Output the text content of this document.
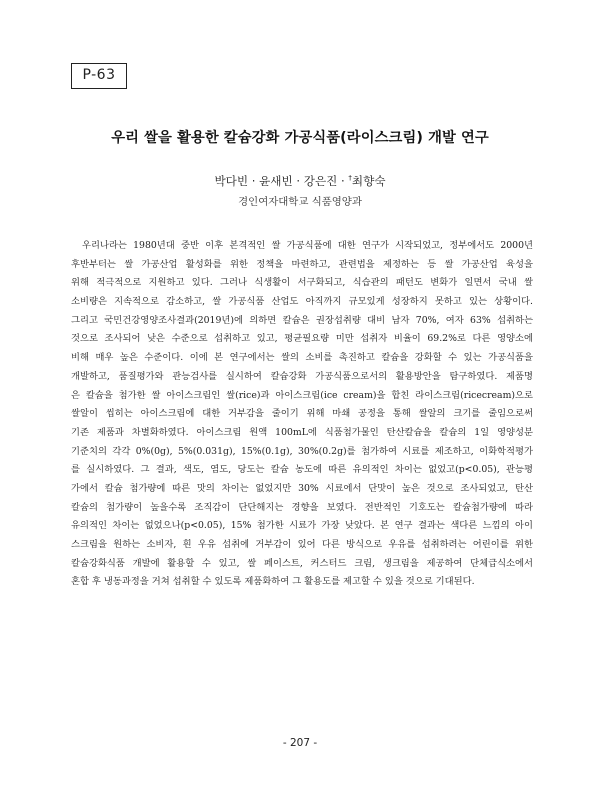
P-63
우리 쌀을 활용한 칼슘강화 가공식품(라이스크림) 개발 연구
박다빈 · 윤새빈 · 강은진 · †최향숙
경인여자대학교 식품영양과
우리나라는 1980년대 중반 이후 본격적인 쌀 가공식품에 대한 연구가 시작되었고, 정부에서도 2000년
후반부터는 쌀 가공산업 활성화를 위한 정책을 마련하고, 관련법을 제정하는 등 쌀 가공산업 육성을
위해 적극적으로 지원하고 있다. 그러나 식생활이 서구화되고, 식습관의 패턴도 변화가 일면서 국내 쌀
소비량은 지속적으로 감소하고, 쌀 가공식품 산업도 아직까지 규모있게 성장하지 못하고 있는 상황이다.
그리고 국민건강영양조사결과(2019년)에 의하면 칼슘은 권장섭취량 대비 남자 70%, 여자 63% 섭취하는
것으로 조사되어 낮은 수준으로 섭취하고 있고, 평균필요량 미만 섭취자 비율이 69.2%로 다른 영양소에
비해 매우 높은 수준이다. 이에 본 연구에서는 쌀의 소비를 촉진하고 칼슘을 강화할 수 있는 가공식품을
개발하고, 품질평가와 관능검사를 실시하여 칼슘강화 가공식품으로서의 활용방안을 탐구하였다. 제품명
은 칼슘을 첨가한 쌀 아이스크림인 쌀(rice)과 아이스크림(ice cream)을 합친 라이스크림(ricecream)으로
쌀알이 씹히는 아이스크림에 대한 거부감을 줄이기 위해 마쇄 공정을 통해 쌀알의 크기를 줄임으로써
기존 제품과 차별화하였다. 아이스크림 원액 100mL에 식품첨가물인 탄산칼슘을 칼슘의 1일 영양성분
기준치의 각각 0%(0g), 5%(0.031g), 15%(0.1g), 30%(0.2g)를 첨가하여 시료를 제조하고, 이화학적평가
를 실시하였다. 그 결과, 색도, 염도, 당도는 칼슘 농도에 따른 유의적인 차이는 없었고(p<0.05), 관능평
가에서 칼슘 첨가량에 따른 맛의 차이는 없었지만 30% 시료에서 단맛이 높은 것으로 조사되었고, 탄산
칼슘의 첨가량이 높을수록 조직감이 단단해지는 경향을 보였다. 전반적인 기호도는 칼슘첨가량에 따라
유의적인 차이는 없었으나(p<0.05), 15% 첨가한 시료가 가장 낮았다. 본 연구 결과는 색다른 느낌의 아이
스크림을 원하는 소비자, 흰 우유 섭취에 거부감이 있어 다른 방식으로 우유를 섭취하려는 어린이를 위한
칼슘강화식품 개발에 활용할 수 있고, 쌀 페이스트, 커스터드 크림, 생크림을 제공하여 단체급식소에서
혼합 후 냉동과정을 거쳐 섭취할 수 있도록 제품화하여 그 활용도를 제고할 수 있을 것으로 기대된다.
- 207 -
